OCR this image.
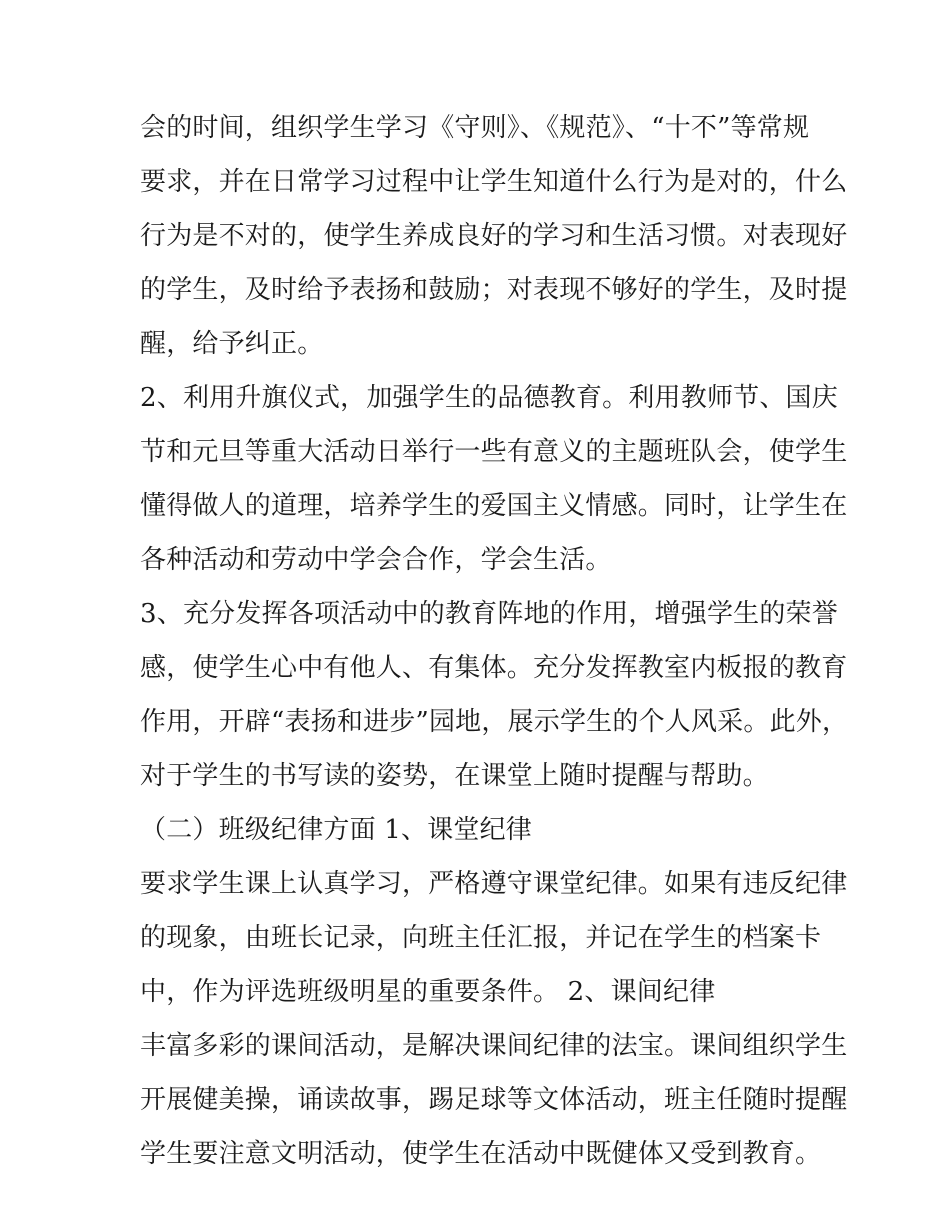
会的时间，组织学生学习《守则》、《规范》、“十不”等常规
要求，并在日常学习过程中让学生知道什么行为是对的，什么
行为是不对的，使学生养成良好的学习和生活习惯。对表现好
的学生，及时给予表扬和鼓励；对表现不够好的学生，及时提
醒，给予纠正。
2、利用升旗仪式，加强学生的品德教育。利用教师节、国庆
节和元旦等重大活动日举行一些有意义的主题班队会，使学生
懂得做人的道理，培养学生的爱国主义情感。同时，让学生在
各种活动和劳动中学会合作，学会生活。
3、充分发挥各项活动中的教育阵地的作用，增强学生的荣誉
感，使学生心中有他人、有集体。充分发挥教室内板报的教育
作用，开辟“表扬和进步”园地，展示学生的个人风采。此外，
对于学生的书写读的姿势，在课堂上随时提醒与帮助。
（二）班级纪律方面 1、课堂纪律
要求学生课上认真学习，严格遵守课堂纪律。如果有违反纪律
的现象，由班长记录，向班主任汇报，并记在学生的档案卡
中，作为评选班级明星的重要条件。 2、课间纪律
丰富多彩的课间活动，是解决课间纪律的法宝。课间组织学生
开展健美操，诵读故事，踢足球等文体活动，班主任随时提醒
学生要注意文明活动，使学生在活动中既健体又受到教育。
